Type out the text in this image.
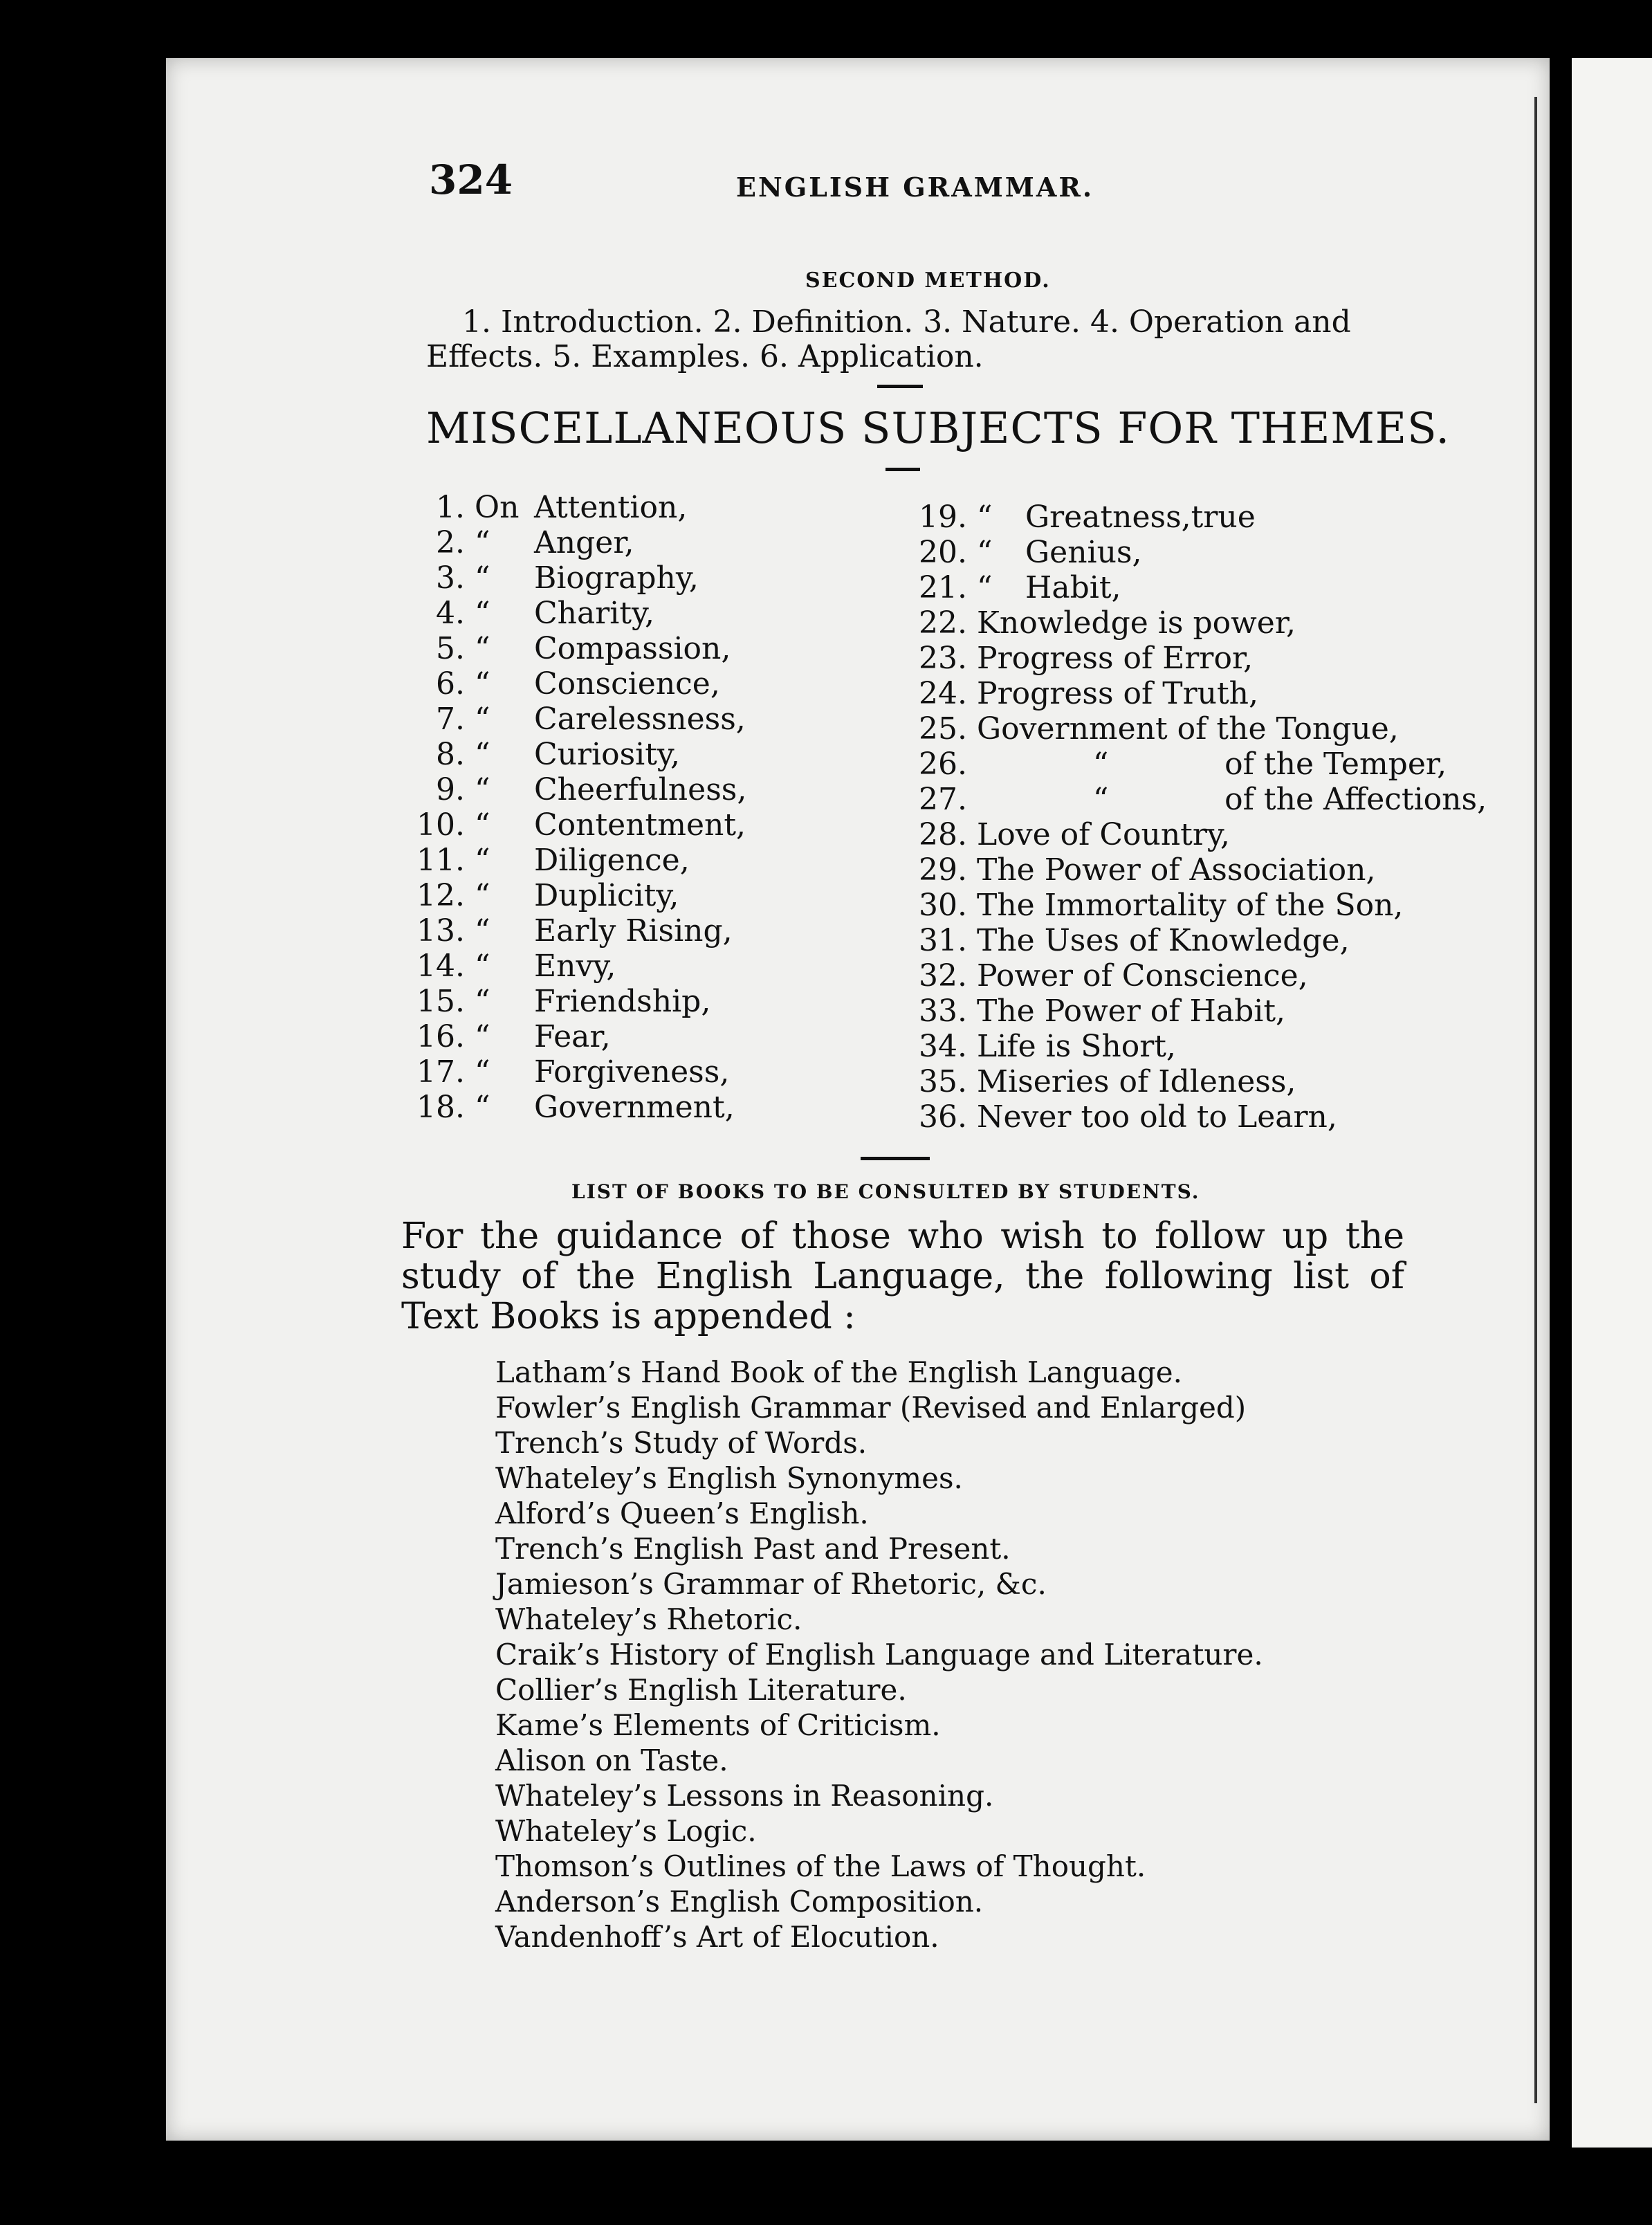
324	ENGLISH GRAMMAR.
SECOND METHOD.
1. Introduction. 2. Definition. 3. Nature. 4. Operation and
Effects. 5. Examples. 6. Application.
MISCELLANEOUS SUBJECTS FOR THEMES.
1. On Attention,
2. “	Anger,
3. “	Biography,
4. “	Charity,
5. “	Compassion,
6. “	Conscience,
7. “	Carelessness,
8. “	Curiosity,
9. “	Cheerfulness,
10. “	Contentment,
11. “	Diligence,
12. “	Duplicity,
13. “	Early Rising,
14. “	Envy,
15. “	Friendship,
16. “	Fear,
17. “	Forgiveness,
18. “	Government,
19. “	Greatness,true
20. “	Genius,
21. “	Habit,
22. Knowledge is power,
23. Progress of Error,
24. Progress of Truth,
25. Government of the Tongue,
26. “            of the Temper,
27. “            of the Affections,
28. Love of Country,
29. The Power of Association,
30. The Immortality of the Son,
31. The Uses of Knowledge,
32. Power of Conscience,
33. The Power of Habit,
34. Life is Short,
35. Miseries of Idleness,
36. Never too old to Learn,
LIST OF BOOKS TO BE CONSULTED BY STUDENTS.
For the guidance of those who wish to follow up the study of the English Language, the following list of Text Books is appended :
Latham’s Hand Book of the English Language.
Fowler’s English Grammar (Revised and Enlarged)
Trench’s Study of Words.
Whateley’s English Synonymes.
Alford’s Queen’s English.
Trench’s English Past and Present.
Jamieson’s Grammar of Rhetoric, &c.
Whateley’s Rhetoric.
Craik’s History of English Language and Literature.
Collier’s English Literature.
Kame’s Elements of Criticism.
Alison on Taste.
Whateley’s Lessons in Reasoning.
Whateley’s Logic.
Thomson’s Outlines of the Laws of Thought.
Anderson’s English Composition.
Vandenhoff’s Art of Elocution.
